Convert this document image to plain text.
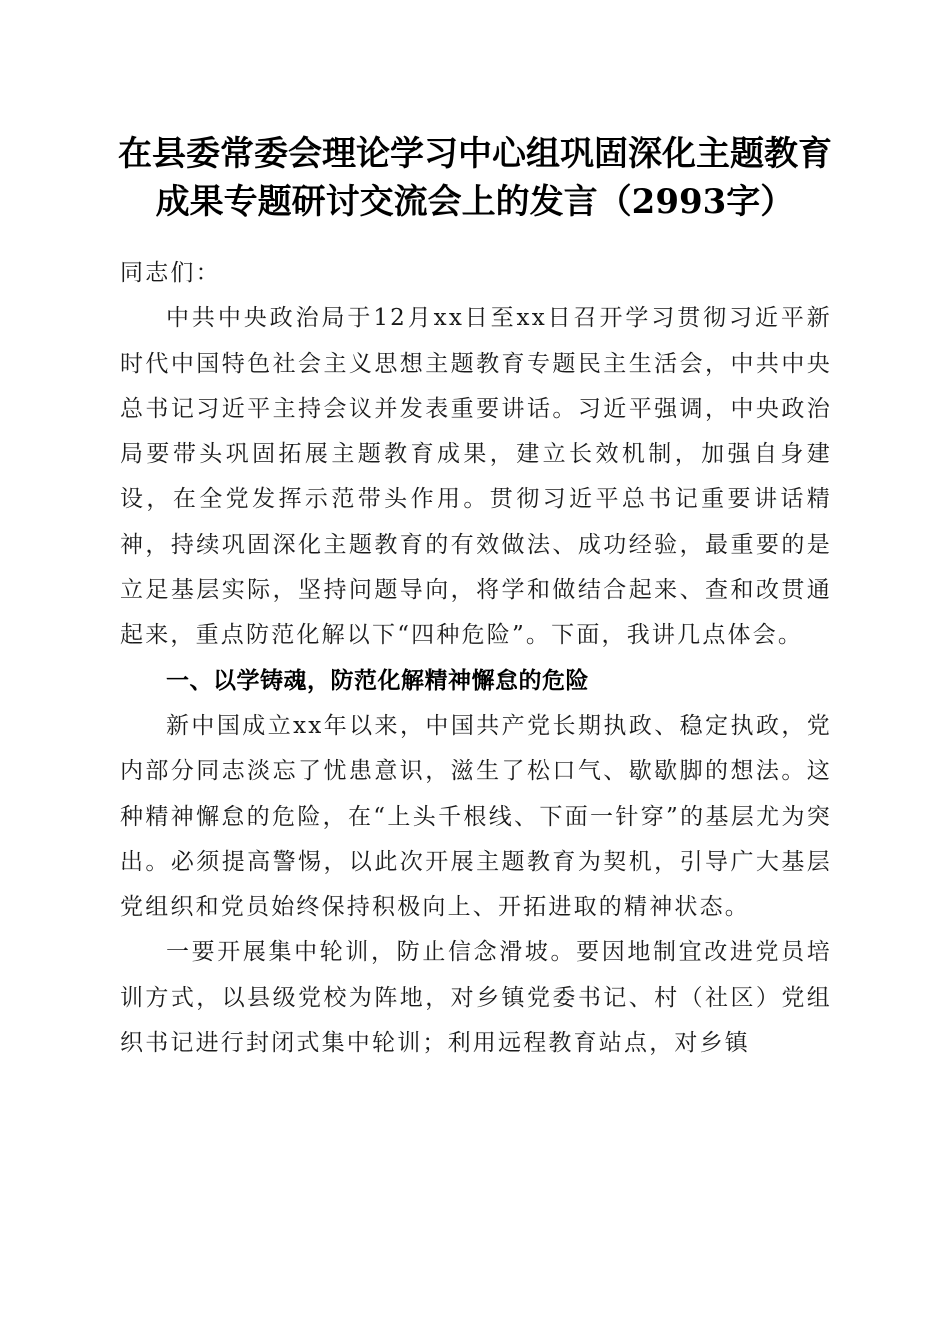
在县委常委会理论学习中心组巩固深化主题教育成果专题研讨交流会上的发言（2993字）

同志们：

中共中央政治局于12月xx日至xx日召开学习贯彻习近平新时代中国特色社会主义思想主题教育专题民主生活会，中共中央总书记习近平主持会议并发表重要讲话。习近平强调，中央政治局要带头巩固拓展主题教育成果，建立长效机制，加强自身建设，在全党发挥示范带头作用。贯彻习近平总书记重要讲话精神，持续巩固深化主题教育的有效做法、成功经验，最重要的是立足基层实际，坚持问题导向，将学和做结合起来、查和改贯通起来，重点防范化解以下“四种危险”。下面，我讲几点体会。

一、以学铸魂，防范化解精神懈怠的危险

新中国成立xx年以来，中国共产党长期执政、稳定执政，党内部分同志淡忘了忧患意识，滋生了松口气、歇歇脚的想法。这种精神懈怠的危险，在“上头千根线、下面一针穿”的基层尤为突出。必须提高警惕，以此次开展主题教育为契机，引导广大基层党组织和党员始终保持积极向上、开拓进取的精神状态。

一要开展集中轮训，防止信念滑坡。要因地制宜改进党员培训方式，以县级党校为阵地，对乡镇党委书记、村（社区）党组织书记进行封闭式集中轮训；利用远程教育站点，对乡镇
